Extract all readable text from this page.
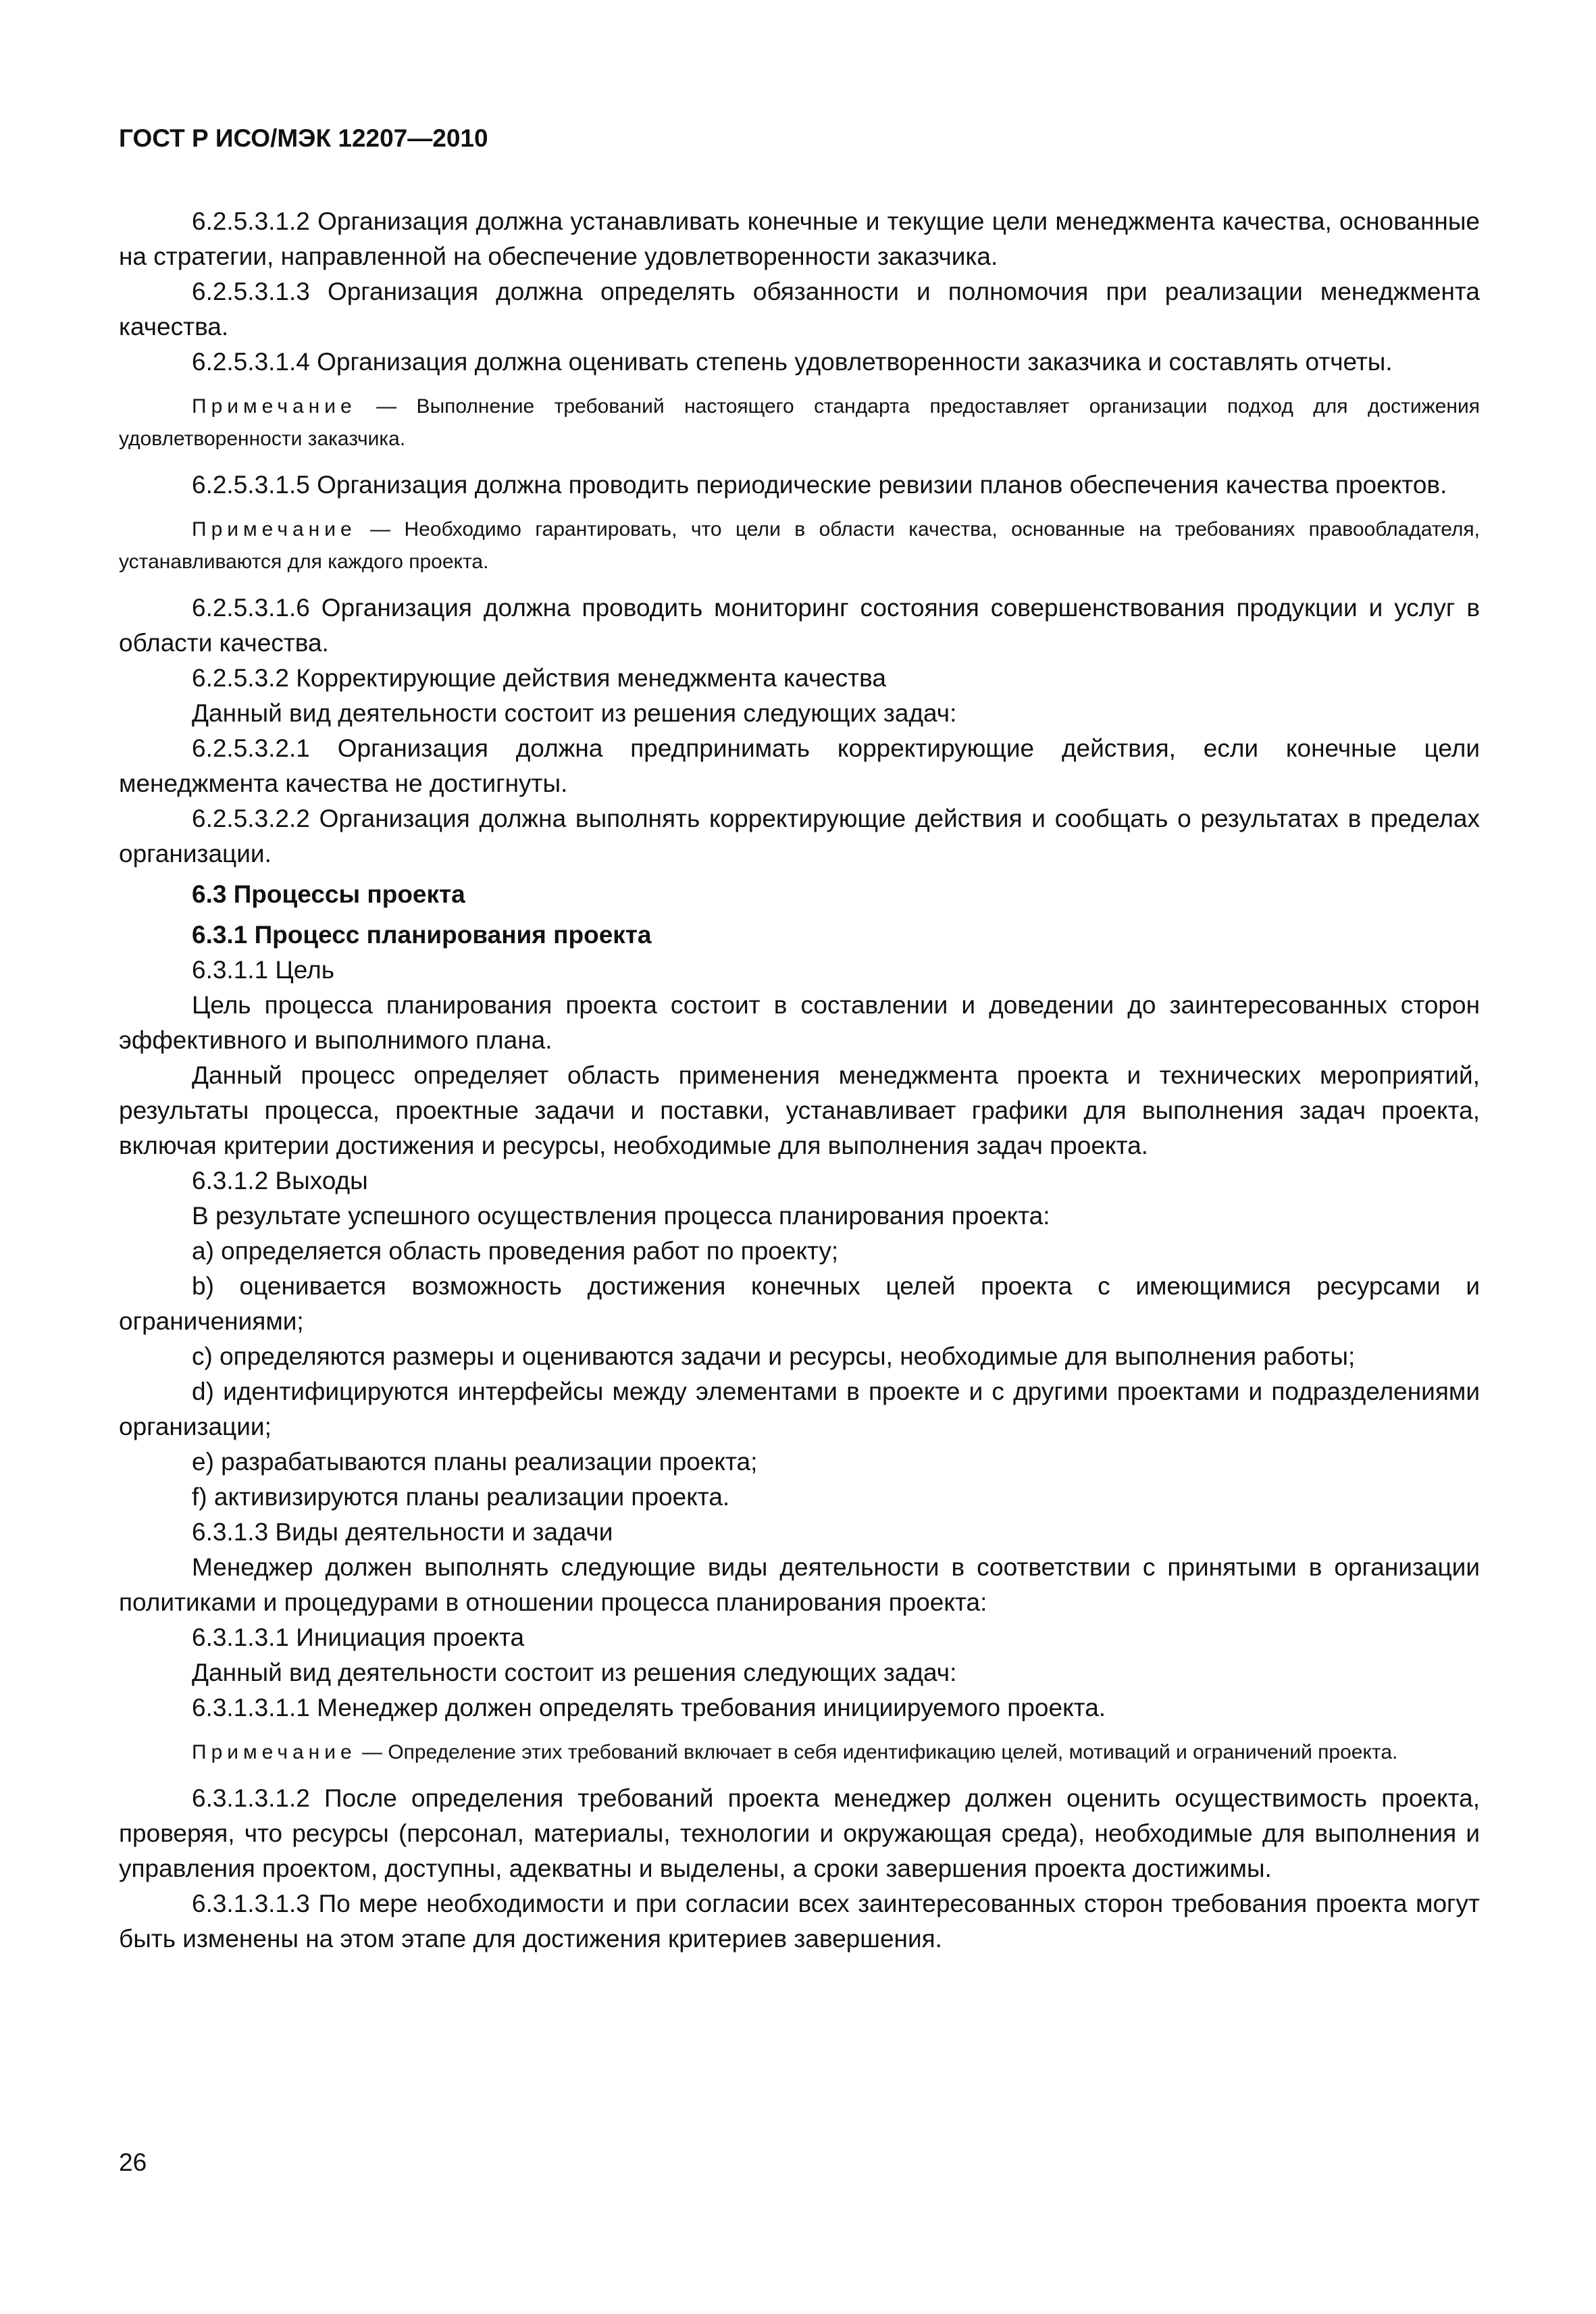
ГОСТ Р ИСО/МЭК 12207—2010

6.2.5.3.1.2 Организация должна устанавливать конечные и текущие цели менеджмента качества, основанные на стратегии, направленной на обеспечение удовлетворенности заказчика.

6.2.5.3.1.3 Организация должна определять обязанности и полномочия при реализации менеджмента качества.

6.2.5.3.1.4 Организация должна оценивать степень удовлетворенности заказчика и составлять отчеты.

Примечание — Выполнение требований настоящего стандарта предоставляет организации подход для достижения удовлетворенности заказчика.

6.2.5.3.1.5 Организация должна проводить периодические ревизии планов обеспечения качества проектов.

Примечание — Необходимо гарантировать, что цели в области качества, основанные на требованиях правообладателя, устанавливаются для каждого проекта.

6.2.5.3.1.6 Организация должна проводить мониторинг состояния совершенствования продукции и услуг в области качества.

6.2.5.3.2 Корректирующие действия менеджмента качества

Данный вид деятельности состоит из решения следующих задач:

6.2.5.3.2.1 Организация должна предпринимать корректирующие действия, если конечные цели менеджмента качества не достигнуты.

6.2.5.3.2.2 Организация должна выполнять корректирующие действия и сообщать о результатах в пределах организации.

6.3 Процессы проекта

6.3.1 Процесс планирования проекта

6.3.1.1 Цель

Цель процесса планирования проекта состоит в составлении и доведении до заинтересованных сторон эффективного и выполнимого плана.

Данный процесс определяет область применения менеджмента проекта и технических мероприятий, результаты процесса, проектные задачи и поставки, устанавливает графики для выполнения задач проекта, включая критерии достижения и ресурсы, необходимые для выполнения задач проекта.

6.3.1.2 Выходы

В результате успешного осуществления процесса планирования проекта:

а) определяется область проведения работ по проекту;

b) оценивается возможность достижения конечных целей проекта с имеющимися ресурсами и ограничениями;

с) определяются размеры и оцениваются задачи и ресурсы, необходимые для выполнения работы;

d) идентифицируются интерфейсы между элементами в проекте и с другими проектами и подразделениями организации;

е) разрабатываются планы реализации проекта;

f) активизируются планы реализации проекта.

6.3.1.3 Виды деятельности и задачи

Менеджер должен выполнять следующие виды деятельности в соответствии с принятыми в организации политиками и процедурами в отношении процесса планирования проекта:

6.3.1.3.1 Инициация проекта

Данный вид деятельности состоит из решения следующих задач:

6.3.1.3.1.1 Менеджер должен определять требования инициируемого проекта.

Примечание — Определение этих требований включает в себя идентификацию целей, мотиваций и ограничений проекта.

6.3.1.3.1.2 После определения требований проекта менеджер должен оценить осуществимость проекта, проверяя, что ресурсы (персонал, материалы, технологии и окружающая среда), необходимые для выполнения и управления проектом, доступны, адекватны и выделены, а сроки завершения проекта достижимы.

6.3.1.3.1.3 По мере необходимости и при согласии всех заинтересованных сторон требования проекта могут быть изменены на этом этапе для достижения критериев завершения.

26
